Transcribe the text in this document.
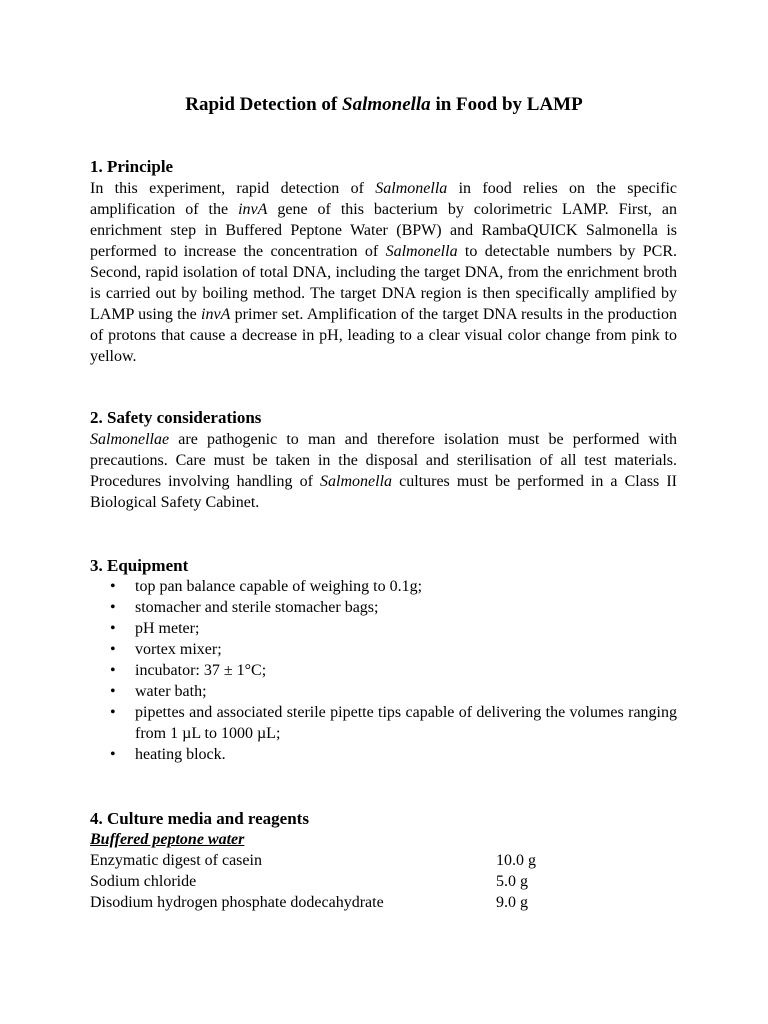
Rapid Detection of Salmonella in Food by LAMP
1. Principle

In this experiment, rapid detection of Salmonella in food relies on the specific amplification of the invA gene of this bacterium by colorimetric LAMP. First, an enrichment step in Buffered Peptone Water (BPW) and RambaQUICK Salmonella is performed to increase the concentration of Salmonella to detectable numbers by PCR. Second, rapid isolation of total DNA, including the target DNA, from the enrichment broth is carried out by boiling method. The target DNA region is then specifically amplified by LAMP using the invA primer set. Amplification of the target DNA results in the production of protons that cause a decrease in pH, leading to a clear visual color change from pink to yellow.

2. Safety considerations

Salmonellae are pathogenic to man and therefore isolation must be performed with precautions. Care must be taken in the disposal and sterilisation of all test materials. Procedures involving handling of Salmonella cultures must be performed in a Class II Biological Safety Cabinet.

3. Equipment
• top pan balance capable of weighing to 0.1g;
• stomacher and sterile stomacher bags;
• pH meter;
• vortex mixer;
• incubator: 37 ± 1°C;
• water bath;
• pipettes and associated sterile pipette tips capable of delivering the volumes ranging from 1 µL to 1000 µL;
• heating block.
4. Culture media and reagents

Buffered peptone water

Enzymatic digest of casein	10.0 g
Sodium chloride	5.0 g
Disodium hydrogen phosphate dodecahydrate	9.0 g
